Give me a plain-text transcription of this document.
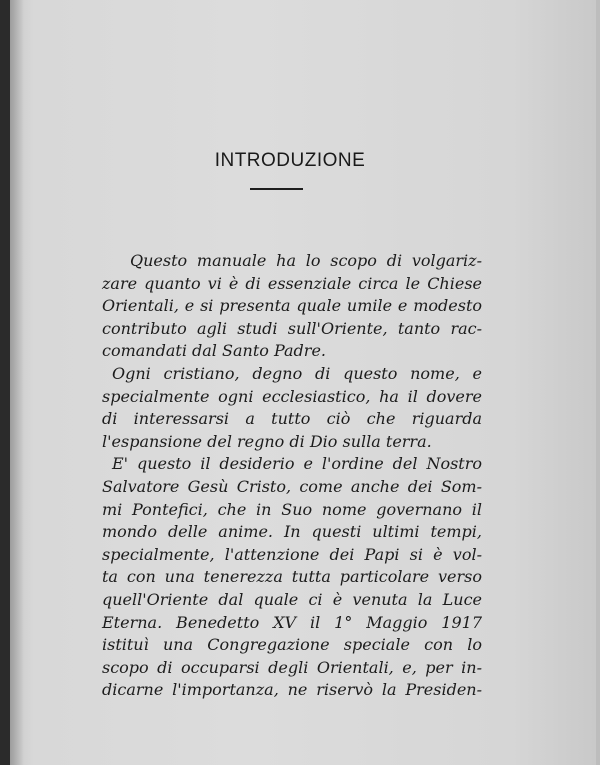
INTRODUZIONE
Questo manuale ha lo scopo di volgariz-
zare quanto vi è di essenziale circa le Chiese
Orientali, e si presenta quale umile e modesto
contributo agli studi sull'Oriente, tanto rac-
comandati dal Santo Padre.
Ogni cristiano, degno di questo nome, e
specialmente ogni ecclesiastico, ha il dovere
di interessarsi a tutto ciò che riguarda
l'espansione del regno di Dio sulla terra.
E' questo il desiderio e l'ordine del Nostro
Salvatore Gesù Cristo, come anche dei Som-
mi Pontefici, che in Suo nome governano il
mondo delle anime. In questi ultimi tempi,
specialmente, l'attenzione dei Papi si è vol-
ta con una tenerezza tutta particolare verso
quell'Oriente dal quale ci è venuta la Luce
Eterna. Benedetto XV il 1° Maggio 1917
istituì una Congregazione speciale con lo
scopo di occuparsi degli Orientali, e, per in-
dicarne l'importanza, ne riservò la Presiden-
